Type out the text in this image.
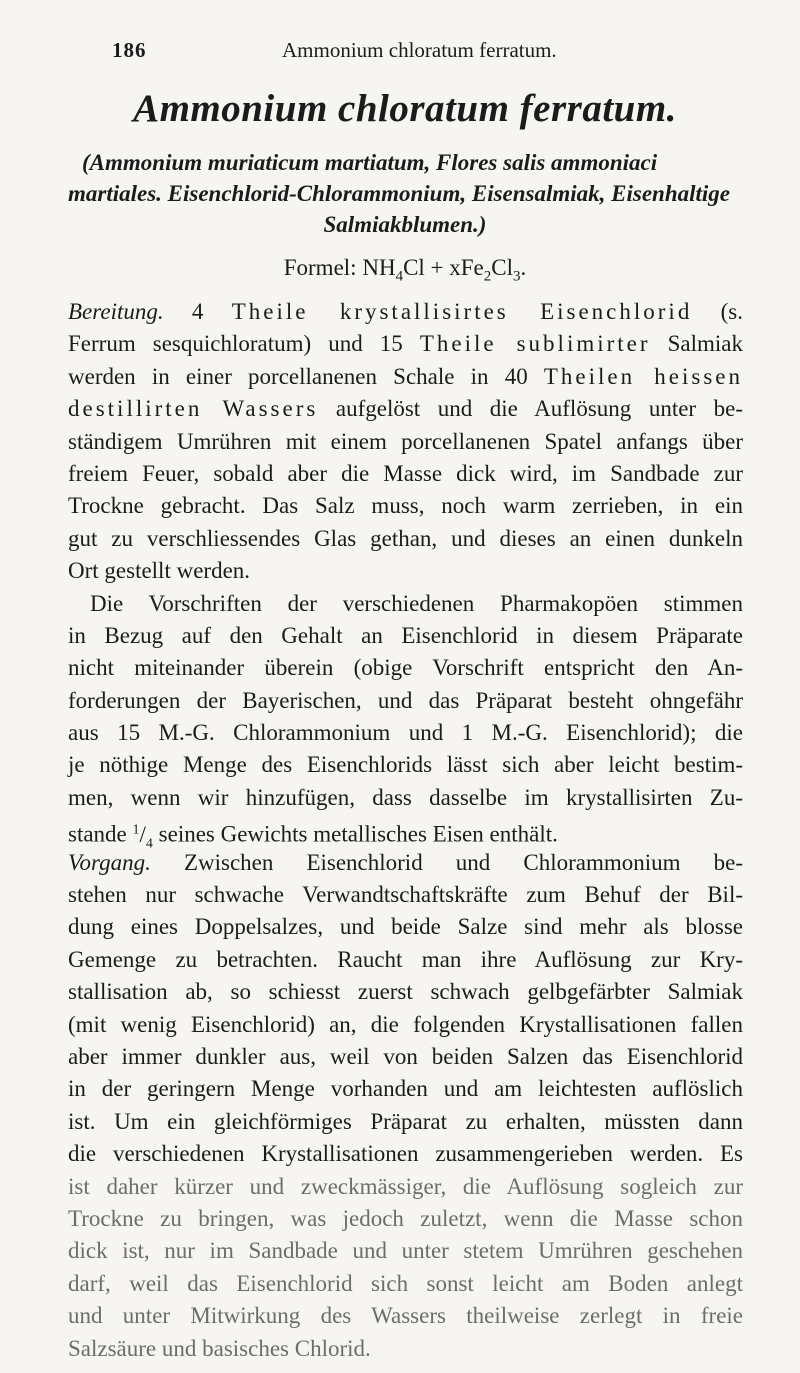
186	Ammonium chloratum ferratum.
Ammonium chloratum ferratum.
(Ammonium muriaticum martiatum, Flores salis ammoniaci
martiales. Eisenchlorid-Chlorammonium, Eisensalmiak, Eisenhaltige
Salmiakblumen.)
Formel: $NH_4Cl + xFe_2Cl_3$.
Bereitung. 4 Theile krystallisirtes Eisenchlorid (s.
Ferrum sesquichloratum) und 15 Theile sublimirter Salmiak
werden in einer porcellanenen Schale in 40 Theilen heissen
destillirten Wassers aufgelöst und die Auflösung unter be-
ständigem Umrühren mit einem porcellanenen Spatel anfangs über
freiem Feuer, sobald aber die Masse dick wird, im Sandbade zur
Trockne gebracht. Das Salz muss, noch warm zerrieben, in ein
gut zu verschliessendes Glas gethan, und dieses an einen dunkeln
Ort gestellt werden.
Die Vorschriften der verschiedenen Pharmakopöen stimmen
in Bezug auf den Gehalt an Eisenchlorid in diesem Präparate
nicht miteinander überein (obige Vorschrift entspricht den An-
forderungen der Bayerischen, und das Präparat besteht ohngefähr
aus 15 M.-G. Chlorammonium und 1 M.-G. Eisenchlorid); die
je nöthige Menge des Eisenchlorids lässt sich aber leicht bestim-
men, wenn wir hinzufügen, dass dasselbe im krystallisirten Zu-
stande $^1/_4$ seines Gewichts metallisches Eisen enthält.
Vorgang. Zwischen Eisenchlorid und Chlorammonium be-
stehen nur schwache Verwandtschaftskräfte zum Behuf der Bil-
dung eines Doppelsalzes, und beide Salze sind mehr als blosse
Gemenge zu betrachten. Raucht man ihre Auflösung zur Kry-
stallisation ab, so schiesst zuerst schwach gelbgefärbter Salmiak
(mit wenig Eisenchlorid) an, die folgenden Krystallisationen fallen
aber immer dunkler aus, weil von beiden Salzen das Eisenchlorid
in der geringern Menge vorhanden und am leichtesten auflöslich
ist. Um ein gleichförmiges Präparat zu erhalten, müssten dann
die verschiedenen Krystallisationen zusammengerieben werden. Es
ist daher kürzer und zweckmässiger, die Auflösung sogleich zur
Trockne zu bringen, was jedoch zuletzt, wenn die Masse schon
dick ist, nur im Sandbade und unter stetem Umrühren geschehen
darf, weil das Eisenchlorid sich sonst leicht am Boden anlegt
und unter Mitwirkung des Wassers theilweise zerlegt in freie
Salzsäure und basisches Chlorid.
